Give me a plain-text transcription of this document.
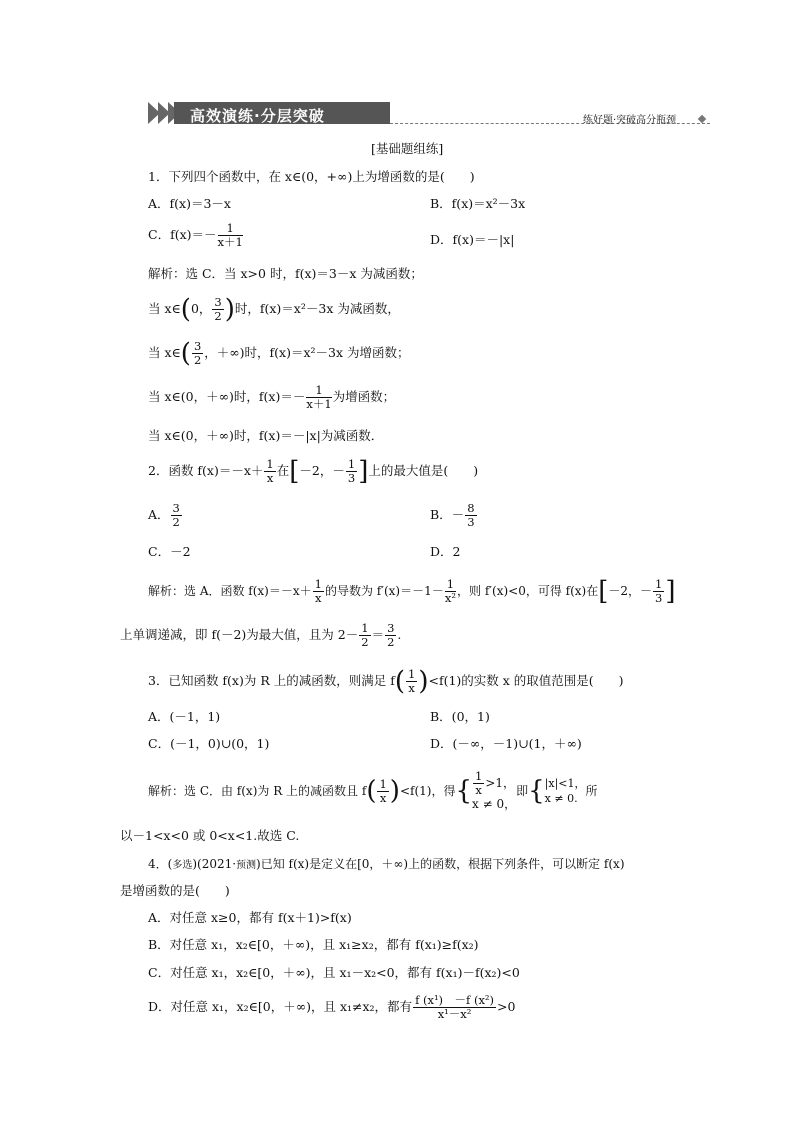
高效演练·分层突破	练好题·突破高分瓶颈
[基础题组练]
1．下列四个函数中，在 x∈(0，+∞)上为增函数的是(　　)
A．f(x)＝3－x	B．f(x)＝x²－3x
C．$f(x)=- \frac{1}{x+1}$	D．f(x)＝－|x|
解析：选 C．当 x>0 时，f(x)＝3－x 为减函数；
当 x∈(0， $\frac{3}{2}$ )时，f(x)＝x²－3x 为减函数，
当 x∈( $\frac{3}{2}$ ，＋∞)时，f(x)＝x²－3x 为增函数；
当 x∈(0，＋∞)时，$f(x)=- \frac{1}{x+1}$ 为增函数；
当 x∈(0，＋∞)时，f(x)＝－|x|为减函数．
2．函数 $f(x)=-x+ \frac{1}{x}$ 在[－2，－ $\frac{1}{3}$ ]上的最大值是(　　)
A． $\frac{3}{2}$	B．－ $\frac{8}{3}$
C．－2	D．2
解析：选 A．函数 $f(x)=-x+ \frac{1}{x}$ 的导数为 $f'(x)=-1- \frac{1}{\text{x²}}$ ，则 f′(x)<0，可得 f(x)在[－2，－ $\frac{1}{3}$ ]
上单调递减，即 f(－2)为最大值，且为 $2- \frac{1}{2} = \frac{3}{2}$ .
3．已知函数 f(x)为 R 上的减函数，则满足 $f( \frac{1}{x} )<f(1)$的实数 x 的取值范围是(　　)
A．(－1，1)	B．(0，1)
C．(－1，0)∪(0，1)	D．(－∞，－1)∪(1，＋∞)
解析：选 C．由 f(x)为 R 上的减函数且 $f( \frac{1}{x} )<f(1)$，得{ $\frac{1}{x} >1$，
x ≠ 0，
即{ |x|<1，
x ≠ 0. 所
以－1<x<0 或 0<x<1.故选 C.
4．(多选)(2021·预测)已知 f(x)是定义在[0，＋∞)上的函数，根据下列条件，可以断定 f(x)
是增函数的是(　　)
A．对任意 x≥0，都有 f(x＋1)>f(x)
B．对任意 x₁，x₂∈[0，＋∞)，且 x₁≥x₂，都有 f(x₁)≥f(x₂)
C．对任意 x₁，x₂∈[0，＋∞)，且 x₁－x₂<0，都有 f(x₁)－f(x₂)<0
D．对任意 x₁，x₂∈[0，＋∞)，且 x₁≠x₂，都有 $\frac{\text{f (x¹)　－f (x²)}}{\text{x¹－x²}} >0$
